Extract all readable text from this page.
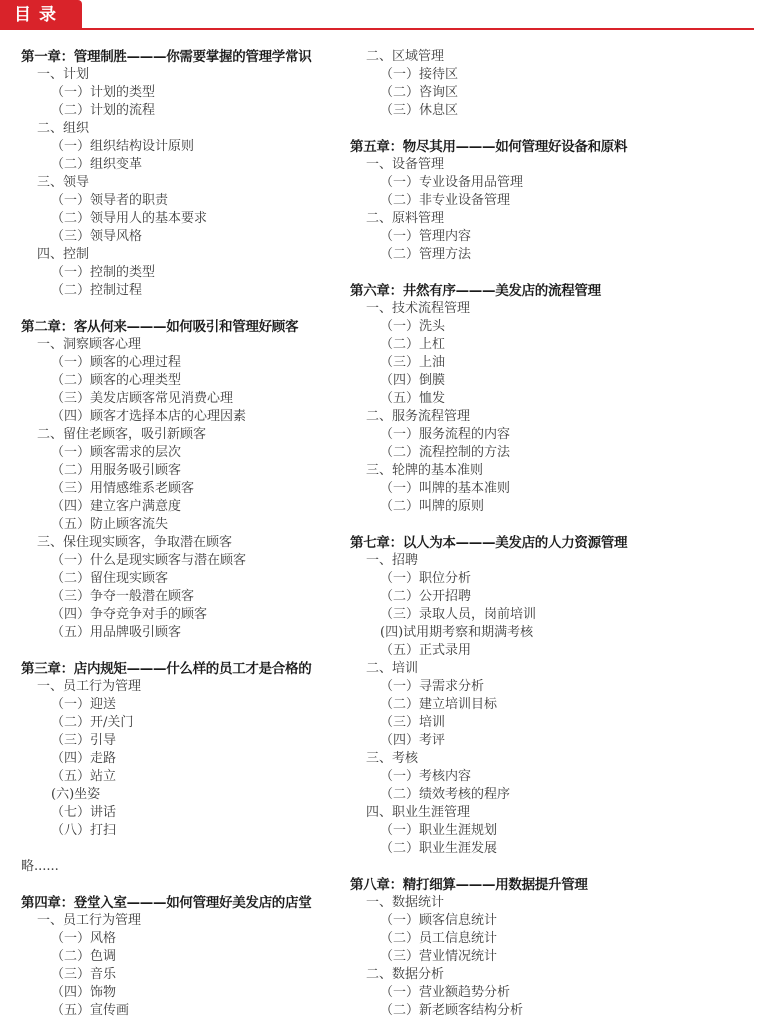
目录
第一章：管理制胜———你需要掌握的管理学常识
一、计划
（一）计划的类型
（二）计划的流程
二、组织
（一）组织结构设计原则
（二）组织变革
三、领导
（一）领导者的职责
（二）领导用人的基本要求
（三）领导风格
四、控制
（一）控制的类型
（二）控制过程
第二章：客从何来———如何吸引和管理好顾客
一、洞察顾客心理
（一）顾客的心理过程
（二）顾客的心理类型
（三）美发店顾客常见消费心理
（四）顾客才选择本店的心理因素
二、留住老顾客，吸引新顾客
（一）顾客需求的层次
（二）用服务吸引顾客
（三）用情感维系老顾客
（四）建立客户满意度
（五）防止顾客流失
三、保住现实顾客，争取潜在顾客
（一）什么是现实顾客与潜在顾客
（二）留住现实顾客
（三）争夺一般潜在顾客
（四）争夺竞争对手的顾客
（五）用品牌吸引顾客
第三章：店内规矩———什么样的员工才是合格的
一、员工行为管理
（一）迎送
（二）开/关门
（三）引导
（四）走路
（五）站立
(六)坐姿
（七）讲话
（八）打扫
略......
第四章：登堂入室———如何管理好美发店的店堂
一、员工行为管理
（一）风格
（二）色调
（三）音乐
（四）饰物
（五）宣传画
二、区域管理
（一）接待区
（二）咨询区
（三）休息区
第五章：物尽其用———如何管理好设备和原料
一、设备管理
（一）专业设备用品管理
（二）非专业设备管理
二、原料管理
（一）管理内容
（二）管理方法
第六章：井然有序———美发店的流程管理
一、技术流程管理
（一）洗头
（二）上杠
（三）上油
（四）倒膜
（五）恤发
二、服务流程管理
（一）服务流程的内容
（二）流程控制的方法
三、轮牌的基本准则
（一）叫牌的基本准则
（二）叫牌的原则
第七章：以人为本———美发店的人力资源管理
一、招聘
（一）职位分析
（二）公开招聘
（三）录取人员，岗前培训
(四)试用期考察和期满考核
（五）正式录用
二、培训
（一）寻需求分析
（二）建立培训目标
（三）培训
（四）考评
三、考核
（一）考核内容
（二）绩效考核的程序
四、职业生涯管理
（一）职业生涯规划
（二）职业生涯发展
第八章：精打细算———用数据提升管理
一、数据统计
（一）顾客信息统计
（二）员工信息统计
（三）营业情况统计
二、数据分析
（一）营业额趋势分析
（二）新老顾客结构分析
